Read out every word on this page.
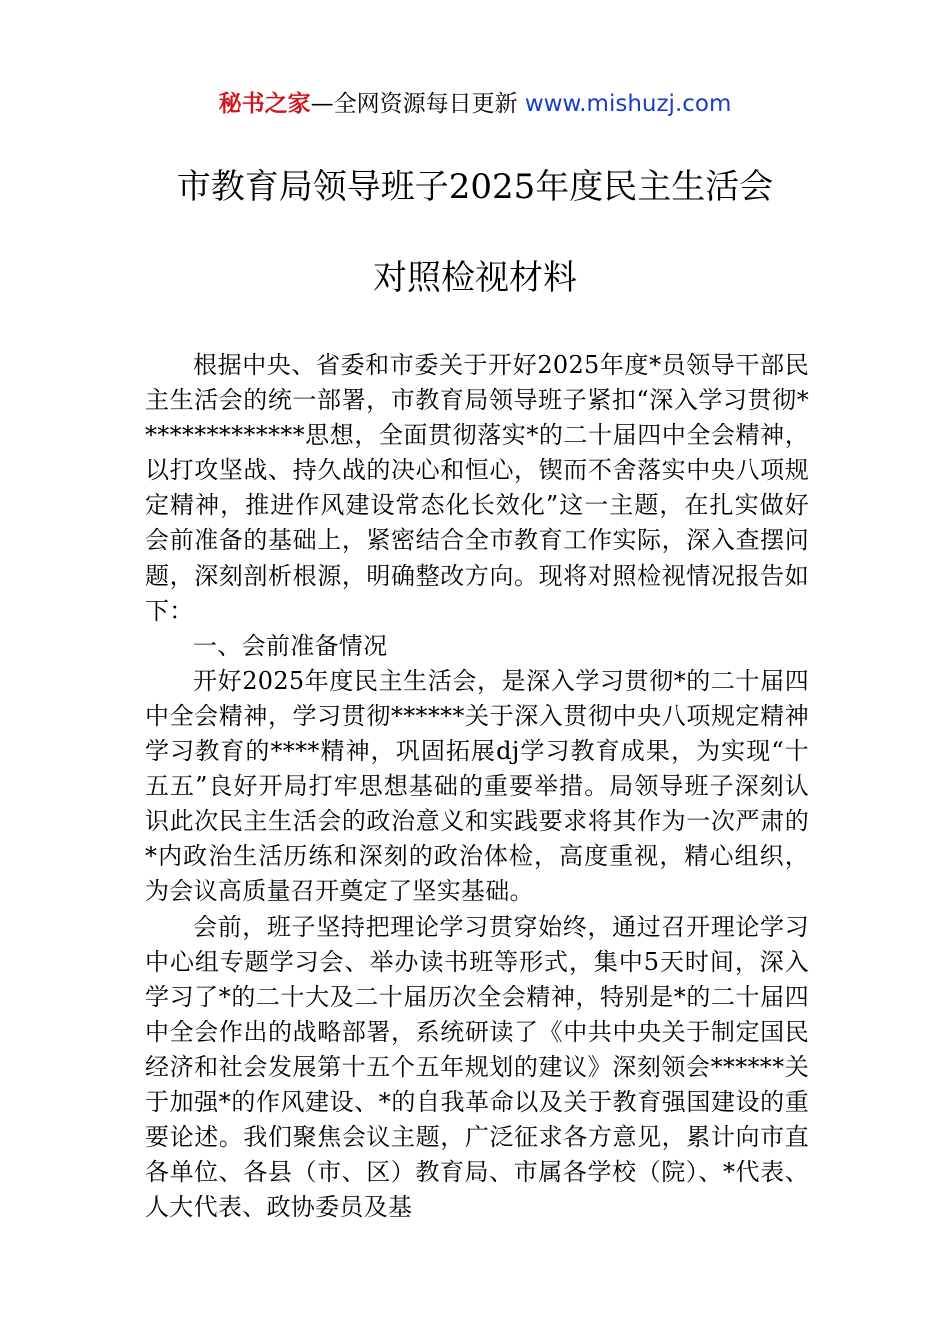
秘书之家—全网资源每日更新 www.mishuzj.com
市教育局领导班子2025年度民主生活会
对照检视材料

根据中央、省委和市委关于开好2025年度*员领导干部民主生活会的统一部署，市教育局领导班子紧扣“深入学习贯彻**************思想，全面贯彻落实*的二十届四中全会精神，以打攻坚战、持久战的决心和恒心，锲而不舍落实中央八项规定精神，推进作风建设常态化长效化”这一主题，在扎实做好会前准备的基础上，紧密结合全市教育工作实际，深入查摆问题，深刻剖析根源，明确整改方向。现将对照检视情况报告如下：

一、会前准备情况

开好2025年度民主生活会，是深入学习贯彻*的二十届四中全会精神，学习贯彻******关于深入贯彻中央八项规定精神学习教育的****精神，巩固拓展dj学习教育成果，为实现“十五五”良好开局打牢思想基础的重要举措。局领导班子深刻认识此次民主生活会的政治意义和实践要求将其作为一次严肃的*内政治生活历练和深刻的政治体检，高度重视，精心组织，为会议高质量召开奠定了坚实基础。

会前，班子坚持把理论学习贯穿始终，通过召开理论学习中心组专题学习会、举办读书班等形式，集中5天时间，深入学习了*的二十大及二十届历次全会精神，特别是*的二十届四中全会作出的战略部署，系统研读了《中共中央关于制定国民经济和社会发展第十五个五年规划的建议》深刻领会******关于加强*的作风建设、*的自我革命以及关于教育强国建设的重要论述。我们聚焦会议主题，广泛征求各方意见，累计向市直各单位、各县（市、区）教育局、市属各学校（院）、*代表、人大代表、政协委员及基
